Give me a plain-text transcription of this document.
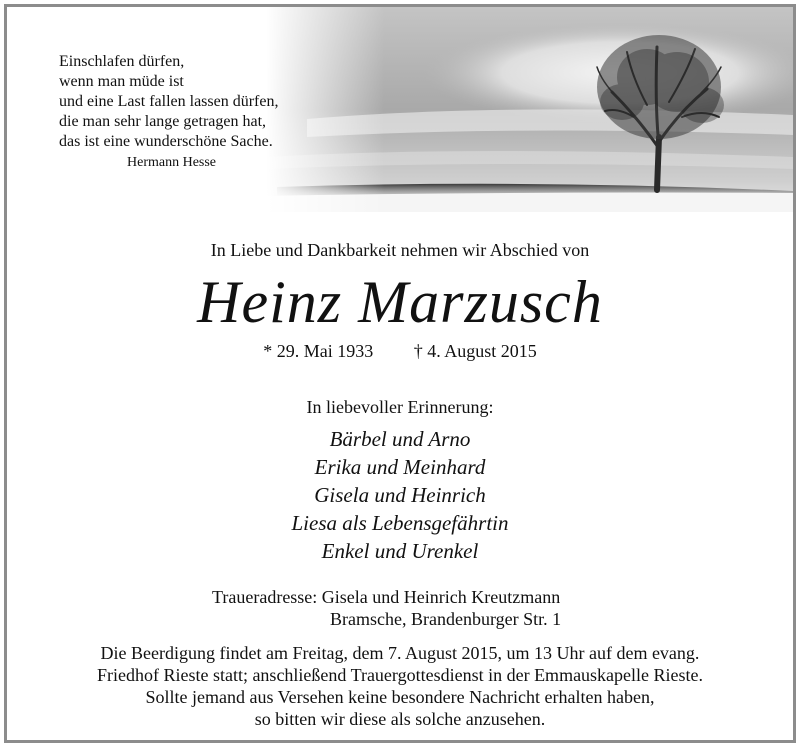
Einschlafen dürfen,
wenn man müde ist
und eine Last fallen lassen dürfen,
die man sehr lange getragen hat,
das ist eine wunderschöne Sache.
Hermann Hesse
In Liebe und Dankbarkeit nehmen wir Abschied von
Heinz Marzusch
* 29. Mai 1933 † 4. August 2015
In liebevoller Erinnerung:
Bärbel und Arno
Erika und Meinhard
Gisela und Heinrich
Liesa als Lebensgefährtin
Enkel und Urenkel
Traueradresse: Gisela und Heinrich Kreutzmann
Bramsche, Brandenburger Str. 1
Die Beerdigung findet am Freitag, dem 7. August 2015, um 13 Uhr auf dem evang.
Friedhof Rieste statt; anschließend Trauergottesdienst in der Emmauskapelle Rieste.
Sollte jemand aus Versehen keine besondere Nachricht erhalten haben,
so bitten wir diese als solche anzusehen.
